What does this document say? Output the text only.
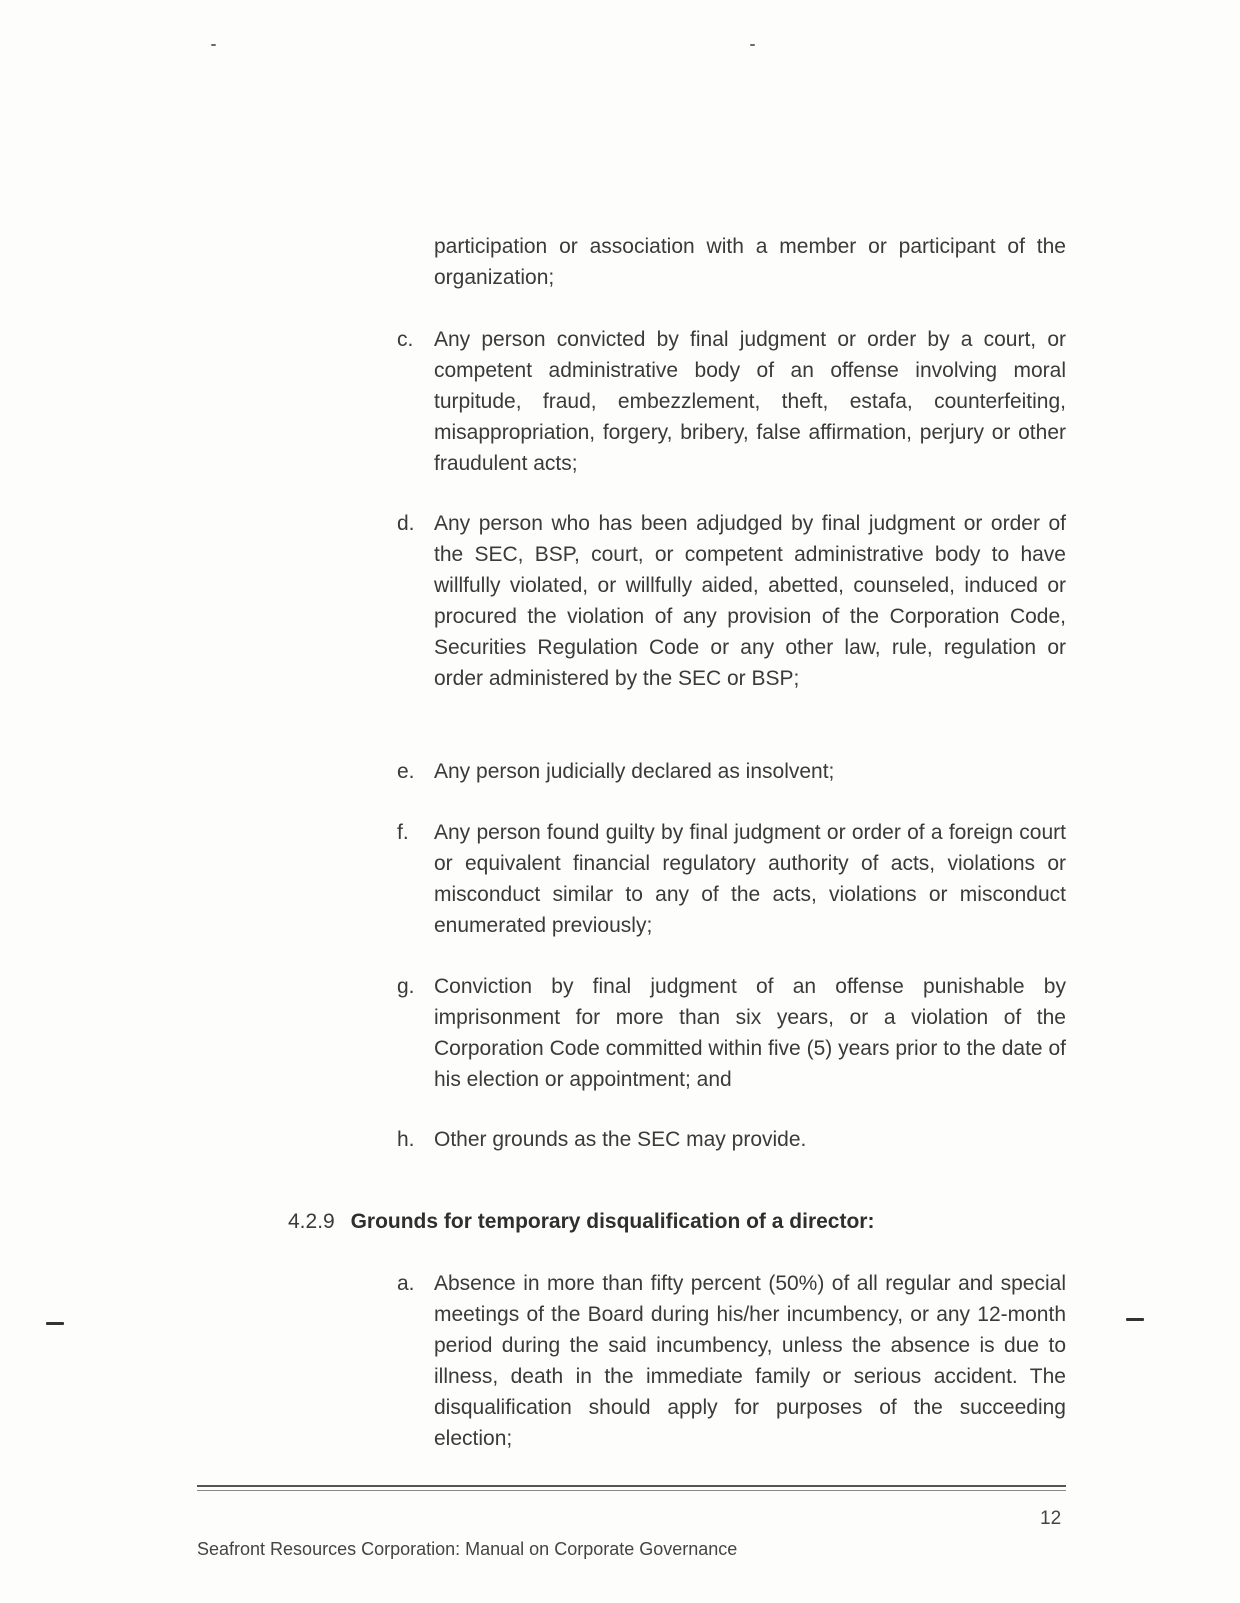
participation or association with a member or participant of the organization;
c. Any person convicted by final judgment or order by a court, or competent administrative body of an offense involving moral turpitude, fraud, embezzlement, theft, estafa, counterfeiting, misappropriation, forgery, bribery, false affirmation, perjury or other fraudulent acts;
d. Any person who has been adjudged by final judgment or order of the SEC, BSP, court, or competent administrative body to have willfully violated, or willfully aided, abetted, counseled, induced or procured the violation of any provision of the Corporation Code, Securities Regulation Code or any other law, rule, regulation or order administered by the SEC or BSP;
e. Any person judicially declared as insolvent;
f. Any person found guilty by final judgment or order of a foreign court or equivalent financial regulatory authority of acts, violations or misconduct similar to any of the acts, violations or misconduct enumerated previously;
g. Conviction by final judgment of an offense punishable by imprisonment for more than six years, or a violation of the Corporation Code committed within five (5) years prior to the date of his election or appointment; and
h. Other grounds as the SEC may provide.
4.2.9 Grounds for temporary disqualification of a director:
a. Absence in more than fifty percent (50%) of all regular and special meetings of the Board during his/her incumbency, or any 12-month period during the said incumbency, unless the absence is due to illness, death in the immediate family or serious accident. The disqualification should apply for purposes of the succeeding election;
12
Seafront Resources Corporation: Manual on Corporate Governance
